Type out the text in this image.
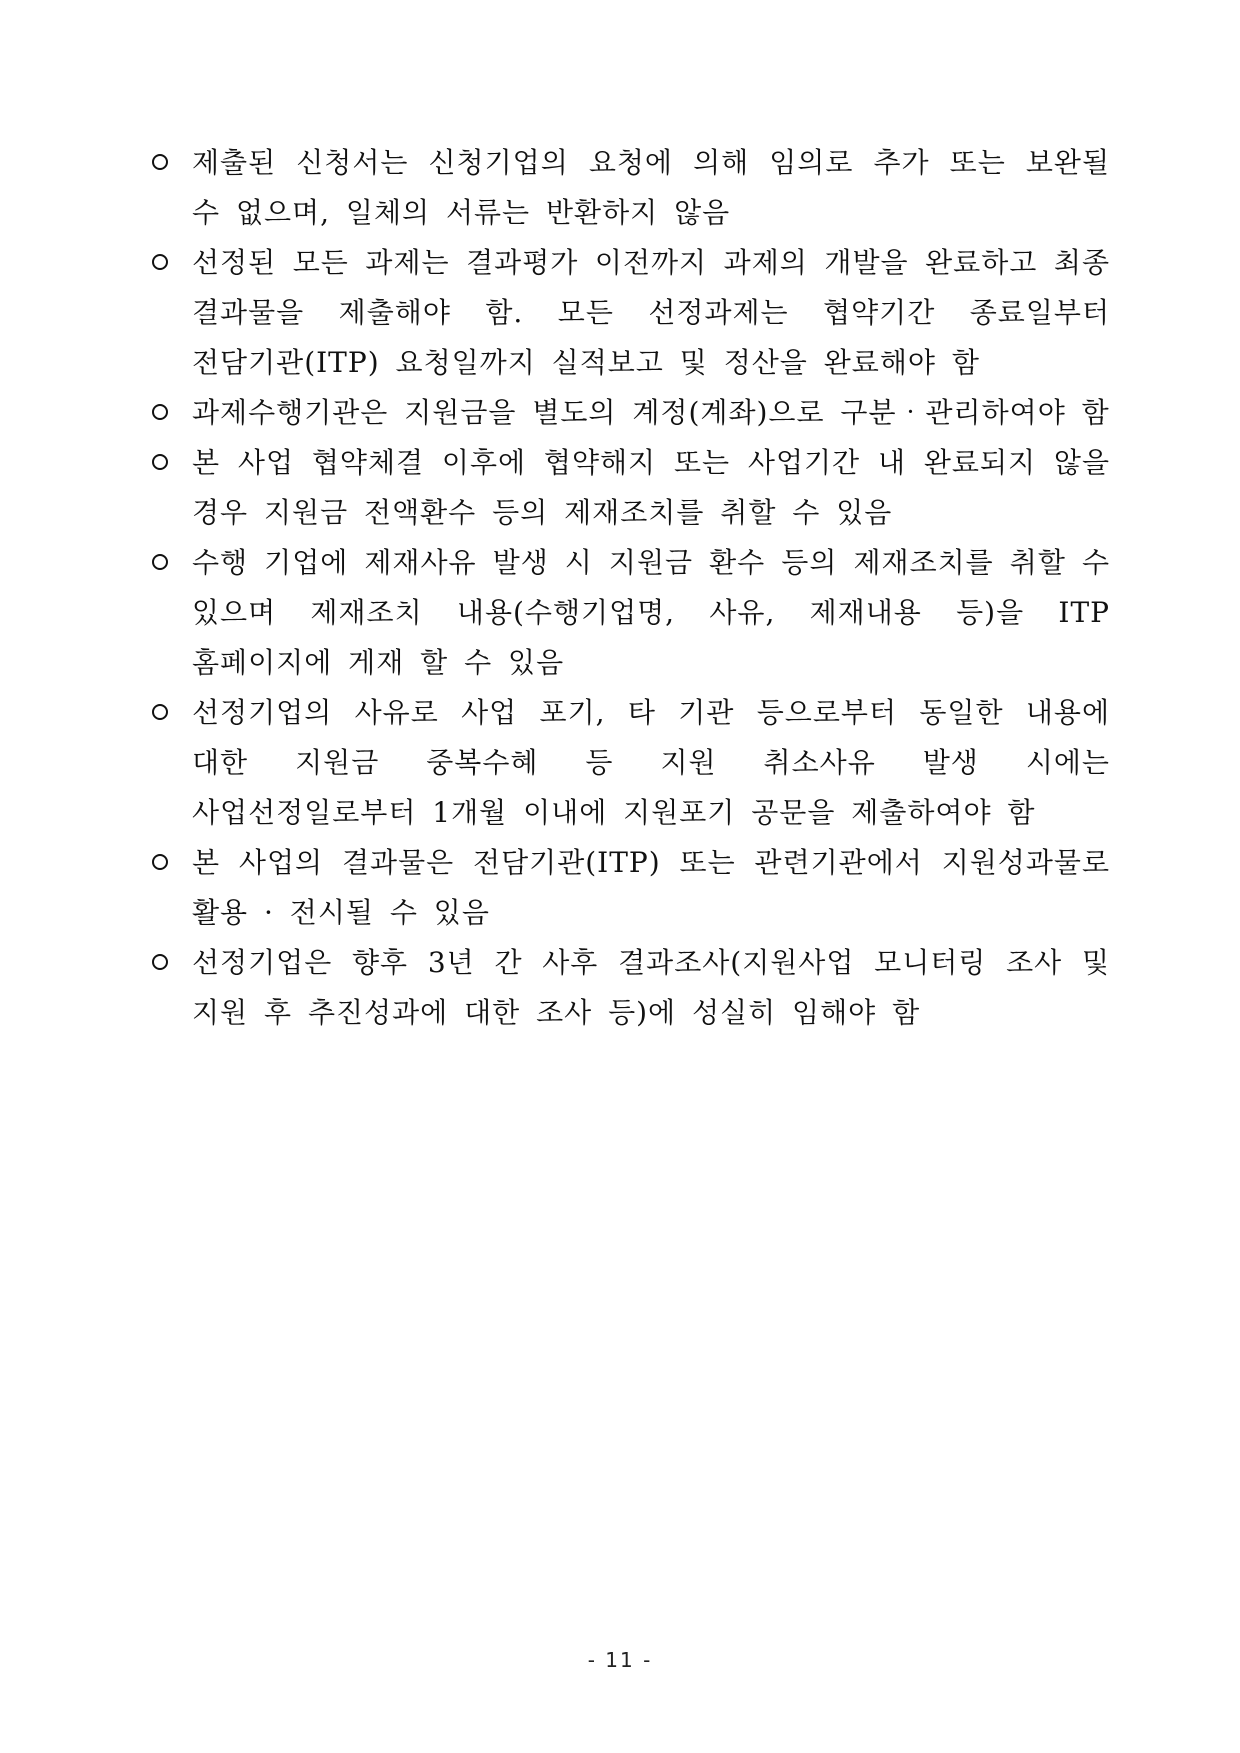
제출된 신청서는 신청기업의 요청에 의해 임의로 추가 또는 보완될 수 없으며, 일체의 서류는 반환하지 않음
선정된 모든 과제는 결과평가 이전까지 과제의 개발을 완료하고 최종 결과물을 제출해야 함. 모든 선정과제는 협약기간 종료일부터 전담기관(ITP) 요청일까지 실적보고 및 정산을 완료해야 함
과제수행기관은 지원금을 별도의 계정(계좌)으로 구분‧관리하여야 함
본 사업 협약체결 이후에 협약해지 또는 사업기간 내 완료되지 않을 경우 지원금 전액환수 등의 제재조치를 취할 수 있음
수행 기업에 제재사유 발생 시 지원금 환수 등의 제재조치를 취할 수 있으며 제재조치 내용(수행기업명, 사유, 제재내용 등)을 ITP 홈페이지에 게재 할 수 있음
선정기업의 사유로 사업 포기, 타 기관 등으로부터 동일한 내용에 대한 지원금 중복수혜 등 지원 취소사유 발생 시에는 사업선정일로부터 1개월 이내에 지원포기 공문을 제출하여야 함
본 사업의 결과물은 전담기관(ITP) 또는 관련기관에서 지원성과물로 활용 · 전시될 수 있음
선정기업은 향후 3년 간 사후 결과조사(지원사업 모니터링 조사 및 지원 후 추진성과에 대한 조사 등)에 성실히 임해야 함
- 11 -
